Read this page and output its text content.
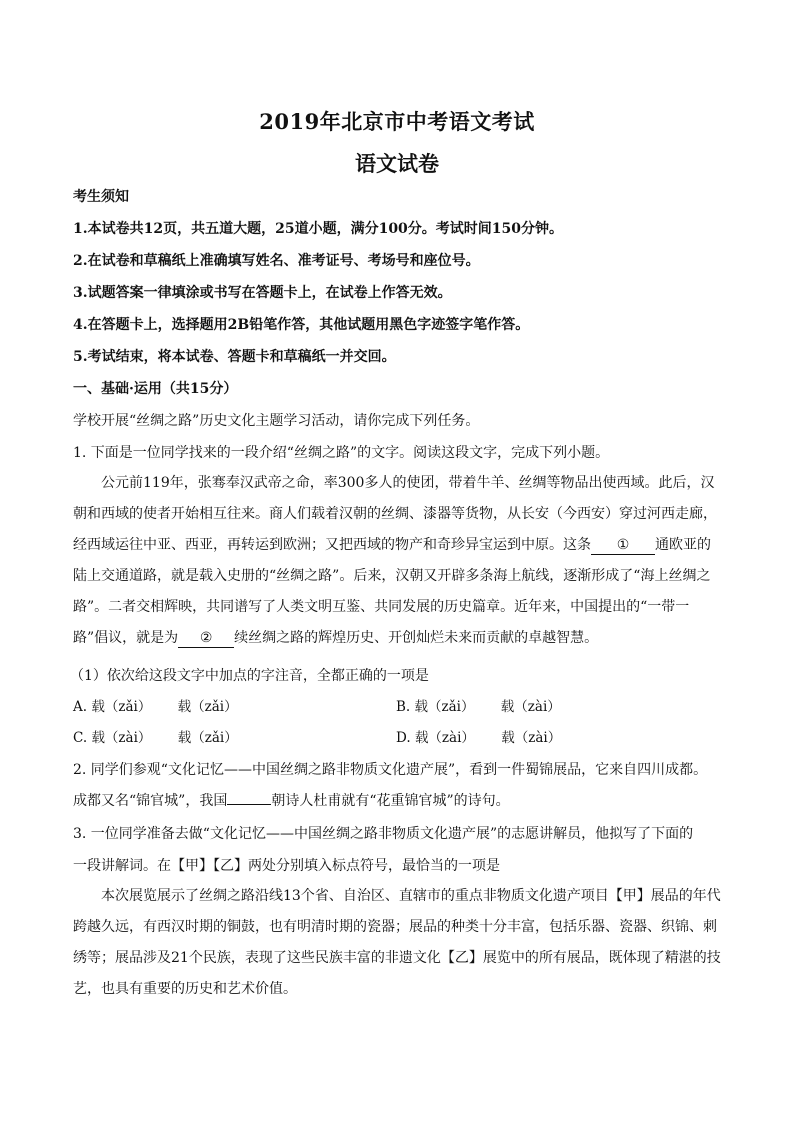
2019年北京市中考语文考试
语文试卷
考生须知
1.本试卷共12页，共五道大题，25道小题，满分100分。考试时间150分钟。
2.在试卷和草稿纸上准确填写姓名、准考证号、考场号和座位号。
3.试题答案一律填涂或书写在答题卡上，在试卷上作答无效。
4.在答题卡上，选择题用2B铅笔作答，其他试题用黑色字迹签字笔作答。
5.考试结束，将本试卷、答题卡和草稿纸一并交回。
一、基础·运用（共15分）
学校开展“丝绸之路”历史文化主题学习活动，请你完成下列任务。
1. 下面是一位同学找来的一段介绍“丝绸之路”的文字。阅读这段文字，完成下列小题。
公元前119年，张骞奉汉武帝之命，率300多人的使团，带着牛羊、丝绸等物品出使西域。此后，汉朝和西域的使者开始相互往来。商人们载着汉朝的丝绸、漆器等货物，从长安（今西安）穿过河西走廊，经西域运往中亚、西亚，再转运到欧洲；又把西域的物产和奇珍异宝运到中原。这条 ① 通欧亚的陆上交通道路，就是载入史册的“丝绸之路”。后来，汉朝又开辟多条海上航线，逐渐形成了“海上丝绸之路”。二者交相辉映，共同谱写了人类文明互鉴、共同发展的历史篇章。近年来，中国提出的“一带一路”倡议，就是为 ② 续丝绸之路的辉煌历史、开创灿烂未来而贡献的卓越智慧。
（1）依次给这段文字中加点的字注音，全都正确的一项是
A. 载（zǎi） 载（zǎi）	B. 载（zǎi） 载（zài）
C. 载（zài） 载（zǎi）	D. 载（zài） 载（zài）
2. 同学们参观“文化记忆——中国丝绸之路非物质文化遗产展”，看到一件蜀锦展品，它来自四川成都。
成都又名“锦官城”，我国	朝诗人杜甫就有“花重锦官城”的诗句。
3. 一位同学准备去做“文化记忆——中国丝绸之路非物质文化遗产展”的志愿讲解员，他拟写了下面的
一段讲解词。在【甲】【乙】两处分别填入标点符号，最恰当的一项是
本次展览展示了丝绸之路沿线13个省、自治区、直辖市的重点非物质文化遗产项目【甲】展品的年代跨越久远，有西汉时期的铜鼓，也有明清时期的瓷器；展品的种类十分丰富，包括乐器、瓷器、织锦、刺绣等；展品涉及21个民族，表现了这些民族丰富的非遗文化【乙】展览中的所有展品，既体现了精湛的技艺，也具有重要的历史和艺术价值。
